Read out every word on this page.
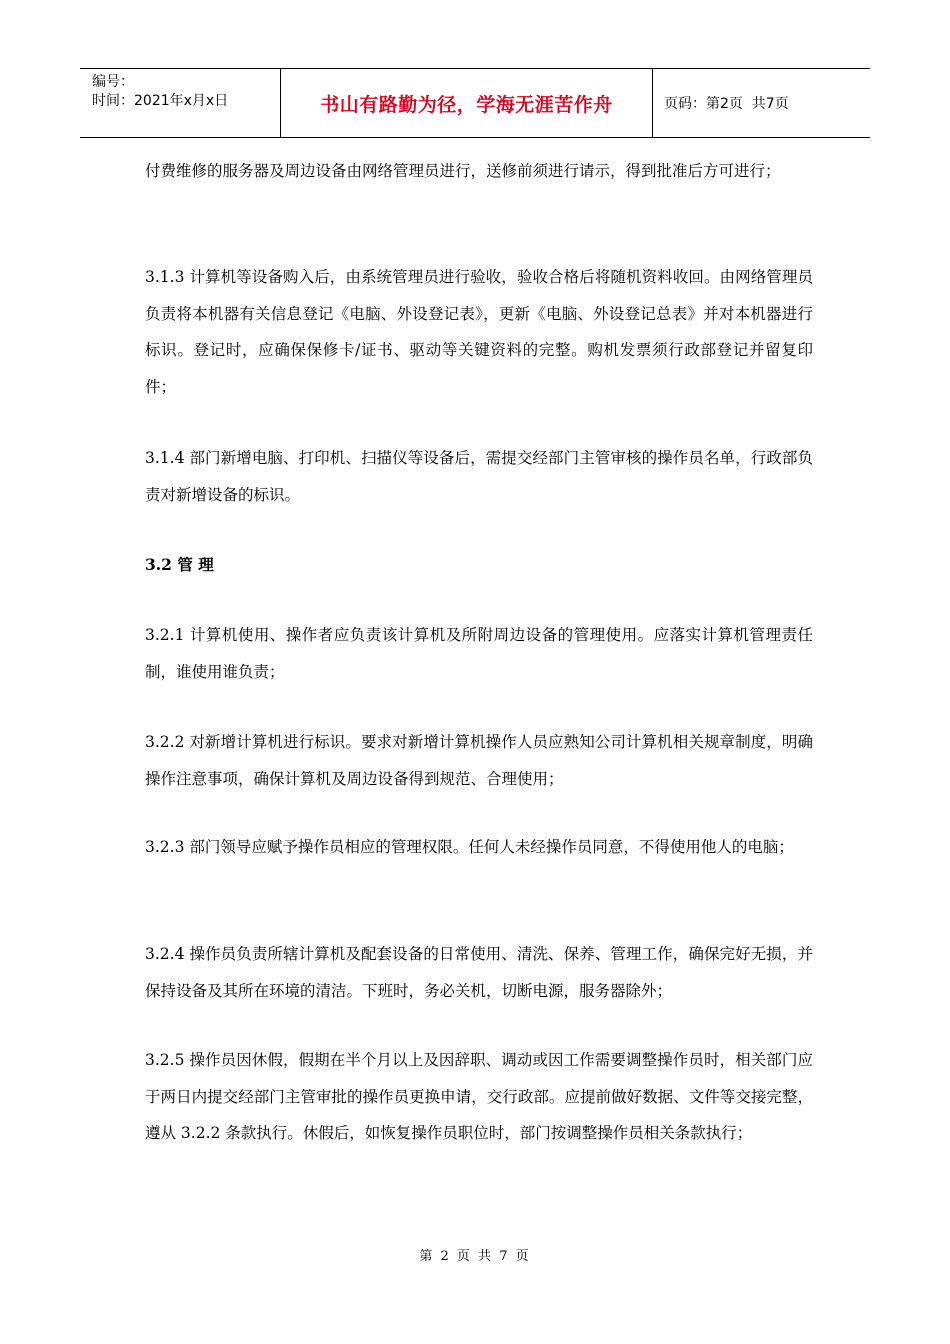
编号：
时间：2021年x月x日	书山有路勤为径，学海无涯苦作舟	页码：第2页  共7页

付费维修的服务器及周边设备由网络管理员进行，送修前须进行请示，得到批准后方可进行；

3.1.3 计算机等设备购入后，由系统管理员进行验收，验收合格后将随机资料收回。由网络管理员负责将本机器有关信息登记《电脑、外设登记表》，更新《电脑、外设登记总表》并对本机器进行标识。登记时，应确保保修卡/证书、驱动等关键资料的完整。购机发票须行政部登记并留复印件；

3.1.4 部门新增电脑、打印机、扫描仪等设备后，需提交经部门主管审核的操作员名单，行政部负责对新增设备的标识。

3.2 管 理

3.2.1 计算机使用、操作者应负责该计算机及所附周边设备的管理使用。应落实计算机管理责任制，谁使用谁负责；

3.2.2 对新增计算机进行标识。要求对新增计算机操作人员应熟知公司计算机相关规章制度，明确操作注意事项，确保计算机及周边设备得到规范、合理使用；

3.2.3 部门领导应赋予操作员相应的管理权限。任何人未经操作员同意，不得使用他人的电脑；

3.2.4 操作员负责所辖计算机及配套设备的日常使用、清洗、保养、管理工作，确保完好无损，并保持设备及其所在环境的清洁。下班时，务必关机，切断电源，服务器除外；

3.2.5 操作员因休假，假期在半个月以上及因辞职、调动或因工作需要调整操作员时，相关部门应于两日内提交经部门主管审批的操作员更换申请，交行政部。应提前做好数据、文件等交接完整，遵从 3.2.2 条款执行。休假后，如恢复操作员职位时，部门按调整操作员相关条款执行；

第 2 页 共 7 页
